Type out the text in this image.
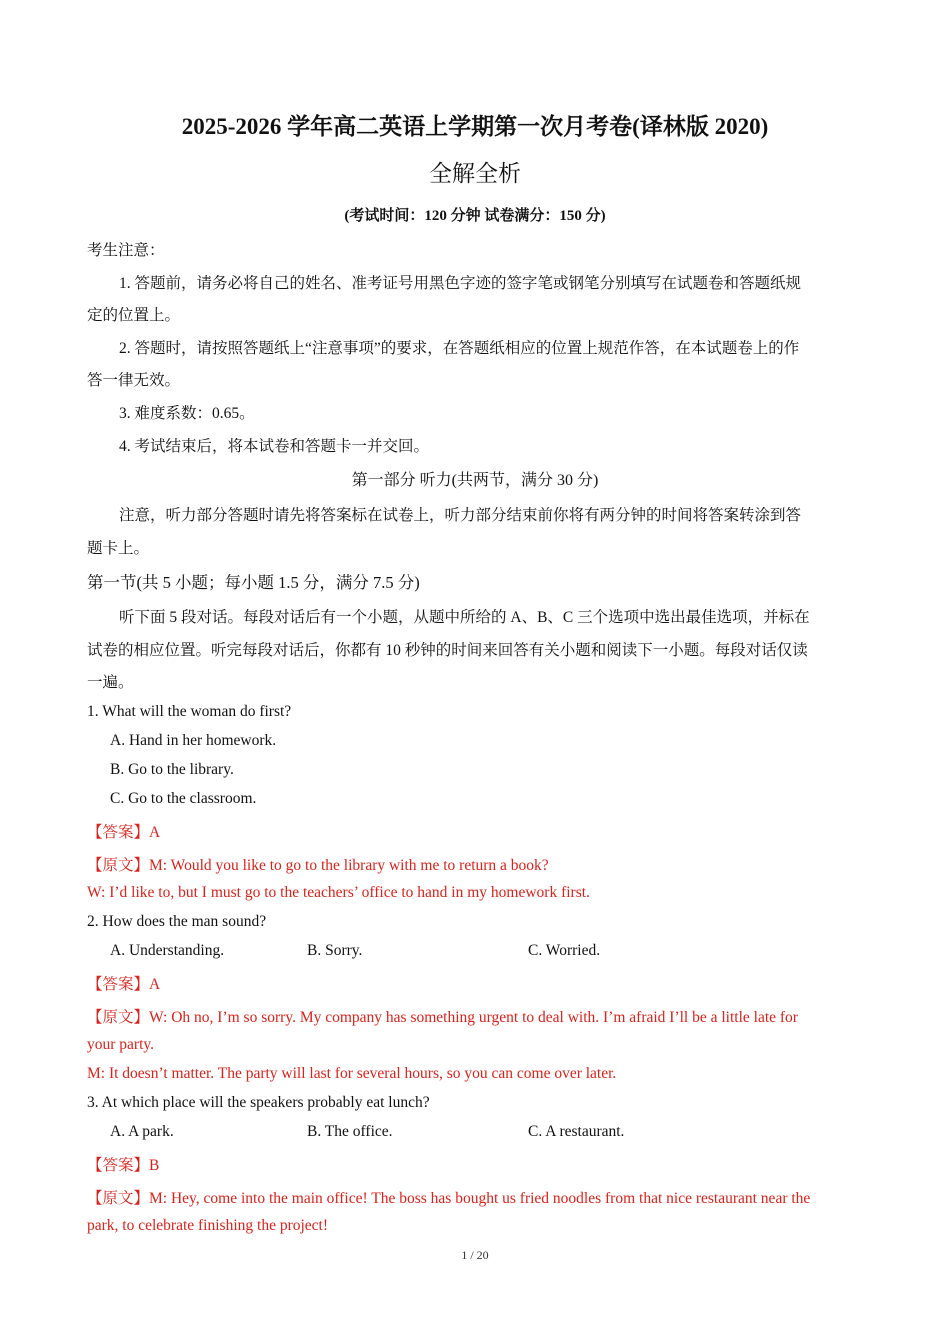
2025-2026 学年高二英语上学期第一次月考卷(译林版 2020)
全解全析
(考试时间：120 分钟 试卷满分：150 分)
考生注意：
1. 答题前，请务必将自己的姓名、准考证号用黑色字迹的签字笔或钢笔分别填写在试题卷和答题纸规
定的位置上。
2. 答题时，请按照答题纸上“注意事项”的要求，在答题纸相应的位置上规范作答，在本试题卷上的作
答一律无效。
3. 难度系数：0.65。
4. 考试结束后，将本试卷和答题卡一并交回。
第一部分 听力(共两节，满分 30 分)
注意，听力部分答题时请先将答案标在试卷上，听力部分结束前你将有两分钟的时间将答案转涂到答
题卡上。
第一节(共 5 小题；每小题 1.5 分，满分 7.5 分)
听下面 5 段对话。每段对话后有一个小题，从题中所给的 A、B、C 三个选项中选出最佳选项，并标在
试卷的相应位置。听完每段对话后，你都有 10 秒钟的时间来回答有关小题和阅读下一小题。每段对话仅读
一遍。
1. What will the woman do first?
A. Hand in her homework.
B. Go to the library.
C. Go to the classroom.
【答案】A
【原文】M: Would you like to go to the library with me to return a book?
W: I’d like to, but I must go to the teachers’ office to hand in my homework first.
2. How does the man sound?
A. Understanding.	B. Sorry.	C. Worried.
【答案】A
【原文】W: Oh no, I’m so sorry. My company has something urgent to deal with. I’m afraid I’ll be a little late for
your party.
M: It doesn’t matter. The party will last for several hours, so you can come over later.
3. At which place will the speakers probably eat lunch?
A. A park.	B. The office.	C. A restaurant.
【答案】B
【原文】M: Hey, come into the main office! The boss has bought us fried noodles from that nice restaurant near the
park, to celebrate finishing the project!
1 / 20
